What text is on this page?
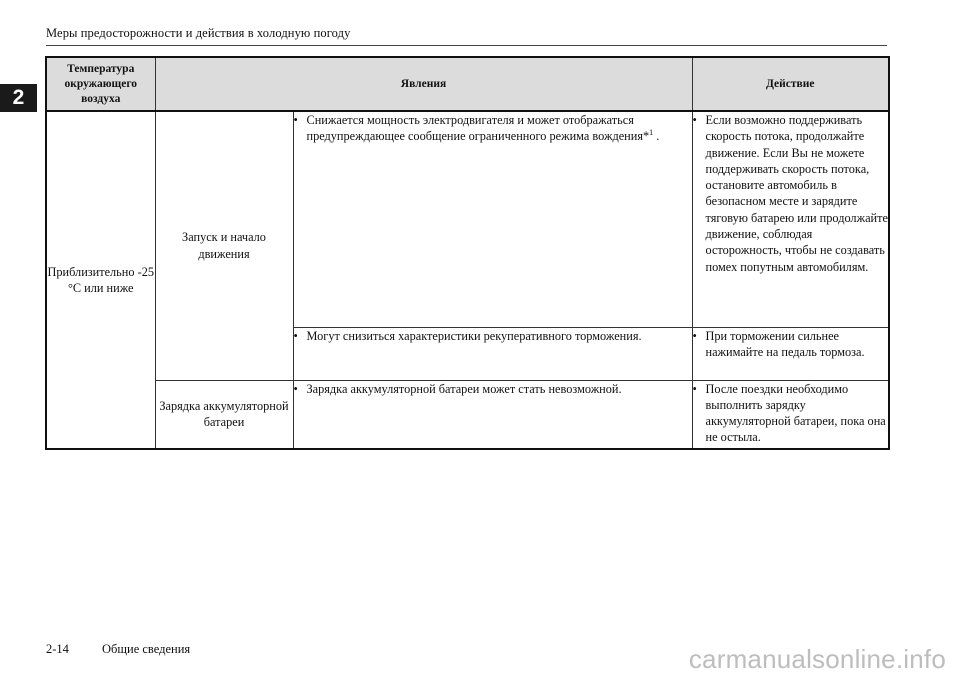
Меры предосторожности и действия в холодную погоду
2
Температура окружающего воздуха	Явления		Действие
Приблизительно -25 °C или ниже	Запуск и начало движения	• Снижается мощность электродвигателя и может отображаться предупреждающее сообщение ограниченного режима вождения*$^1$ .	• Если возможно поддерживать скорость потока, продолжайте движение. Если Вы не можете поддерживать скорость потока, остановите автомобиль в безопасном месте и зарядите тяговую батарею или продолжайте движение, соблюдая осторожность, чтобы не создавать помех попутным автомобилям.

		• Могут снизиться характеристики рекуперативного торможения.	• При торможении сильнее нажимайте на педаль тормоза.

	Зарядка аккумуляторной батареи	• Зарядка аккумуляторной батареи может стать невозможной.	• После поездки необходимо выполнить зарядку аккумуляторной батареи, пока она не остыла.
2-14	Общие сведения	carmanualsonline.info
